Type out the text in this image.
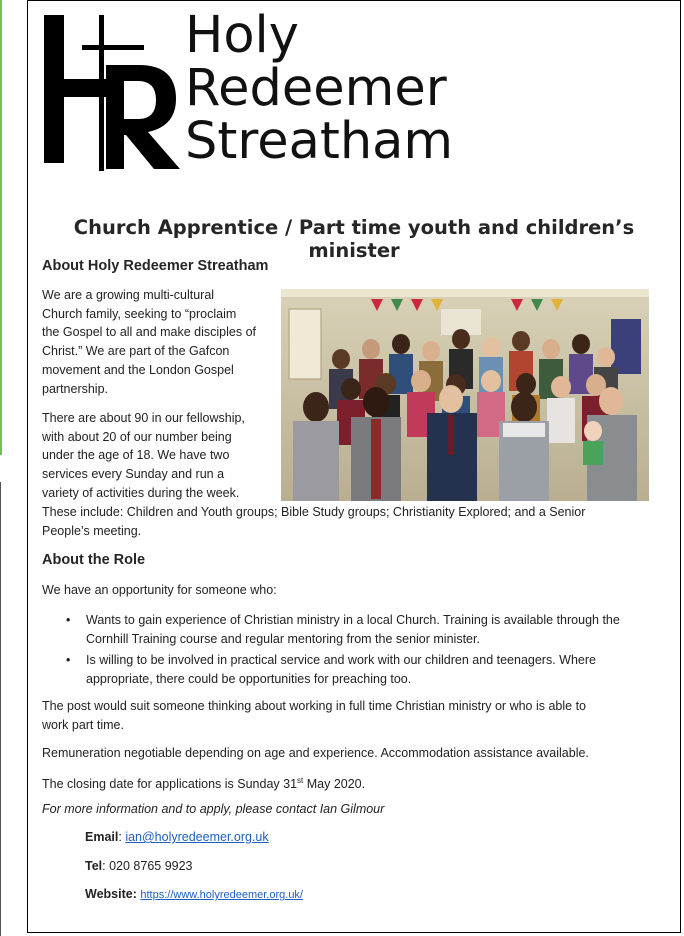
Holy
Redeemer
Streatham
Church Apprentice / Part time youth and children’s minister
About Holy Redeemer Streatham
We are a growing multi-cultural
Church family, seeking to “proclaim
the Gospel to all and make disciples of
Christ.” We are part of the Gafcon
movement and the London Gospel
partnership.
There are about 90 in our fellowship,
with about 20 of our number being
under the age of 18. We have two
services every Sunday and run a
variety of activities during the week.
These include: Children and Youth groups; Bible Study groups; Christianity Explored; and a Senior
People’s meeting.
About the Role
We have an opportunity for someone who:
• Wants to gain experience of Christian ministry in a local Church. Training is available through the Cornhill Training course and regular mentoring from the senior minister.
• Is willing to be involved in practical service and work with our children and teenagers. Where appropriate, there could be opportunities for preaching too.
The post would suit someone thinking about working in full time Christian ministry or who is able to
work part time.
Remuneration negotiable depending on age and experience. Accommodation assistance available.
The closing date for applications is Sunday 31st May 2020.
For more information and to apply, please contact Ian Gilmour
Email: ian@holyredeemer.org.uk
Tel: 020 8765 9923
Website: https://www.holyredeemer.org.uk/
